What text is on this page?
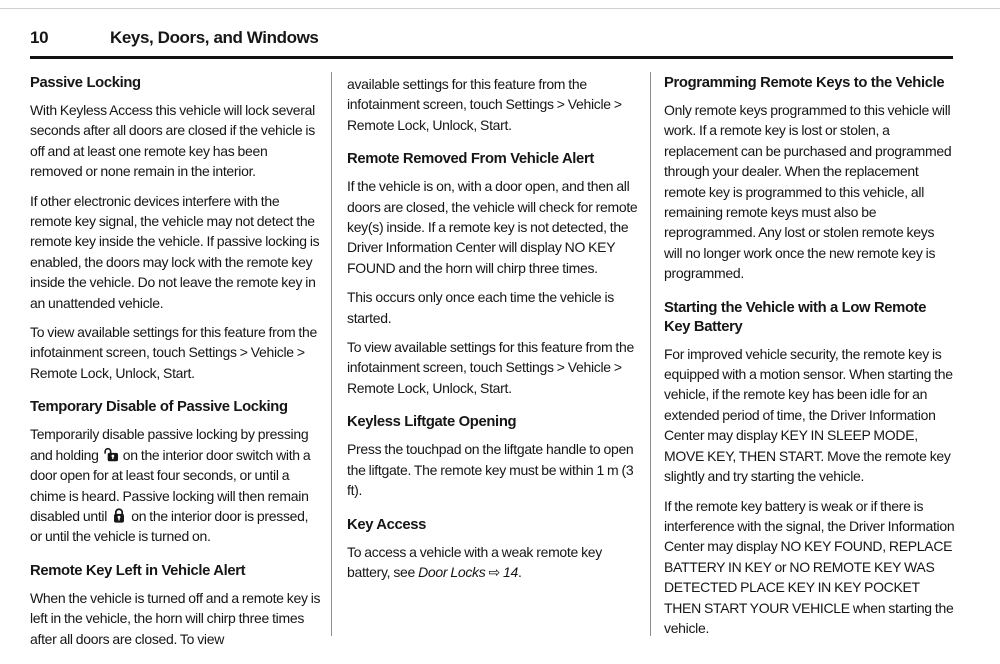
10	Keys, Doors, and Windows
Passive Locking

With Keyless Access this vehicle will lock several seconds after all doors are closed if the vehicle is off and at least one remote key has been removed or none remain in the interior.

If other electronic devices interfere with the remote key signal, the vehicle may not detect the remote key inside the vehicle. If passive locking is enabled, the doors may lock with the remote key inside the vehicle. Do not leave the remote key in an unattended vehicle.

To view available settings for this feature from the infotainment screen, touch Settings > Vehicle > Remote Lock, Unlock, Start.

Temporary Disable of Passive Locking

Temporarily disable passive locking by pressing and holding  on the interior door switch with a door open for at least four seconds, or until a chime is heard. Passive locking will then remain disabled until  on the interior door is pressed, or until the vehicle is turned on.

Remote Key Left in Vehicle Alert

When the vehicle is turned off and a remote key is left in the vehicle, the horn will chirp three times after all doors are closed. To view

available settings for this feature from the infotainment screen, touch Settings > Vehicle > Remote Lock, Unlock, Start.

Remote Removed From Vehicle Alert

If the vehicle is on, with a door open, and then all doors are closed, the vehicle will check for remote key(s) inside. If a remote key is not detected, the Driver Information Center will display NO KEY FOUND and the horn will chirp three times.

This occurs only once each time the vehicle is started.

To view available settings for this feature from the infotainment screen, touch Settings > Vehicle > Remote Lock, Unlock, Start.

Keyless Liftgate Opening

Press the touchpad on the liftgate handle to open the liftgate. The remote key must be within 1 m (3 ft).

Key Access

To access a vehicle with a weak remote key battery, see Door Locks ⇨ 14.

Programming Remote Keys to the Vehicle

Only remote keys programmed to this vehicle will work. If a remote key is lost or stolen, a replacement can be purchased and programmed through your dealer. When the replacement remote key is programmed to this vehicle, all remaining remote keys must also be reprogrammed. Any lost or stolen remote keys will no longer work once the new remote key is programmed.

Starting the Vehicle with a Low Remote Key Battery

For improved vehicle security, the remote key is equipped with a motion sensor. When starting the vehicle, if the remote key has been idle for an extended period of time, the Driver Information Center may display KEY IN SLEEP MODE, MOVE KEY, THEN START. Move the remote key slightly and try starting the vehicle.

If the remote key battery is weak or if there is interference with the signal, the Driver Information Center may display NO KEY FOUND, REPLACE BATTERY IN KEY or NO REMOTE KEY WAS DETECTED PLACE KEY IN KEY POCKET THEN START YOUR VEHICLE when starting the vehicle.
